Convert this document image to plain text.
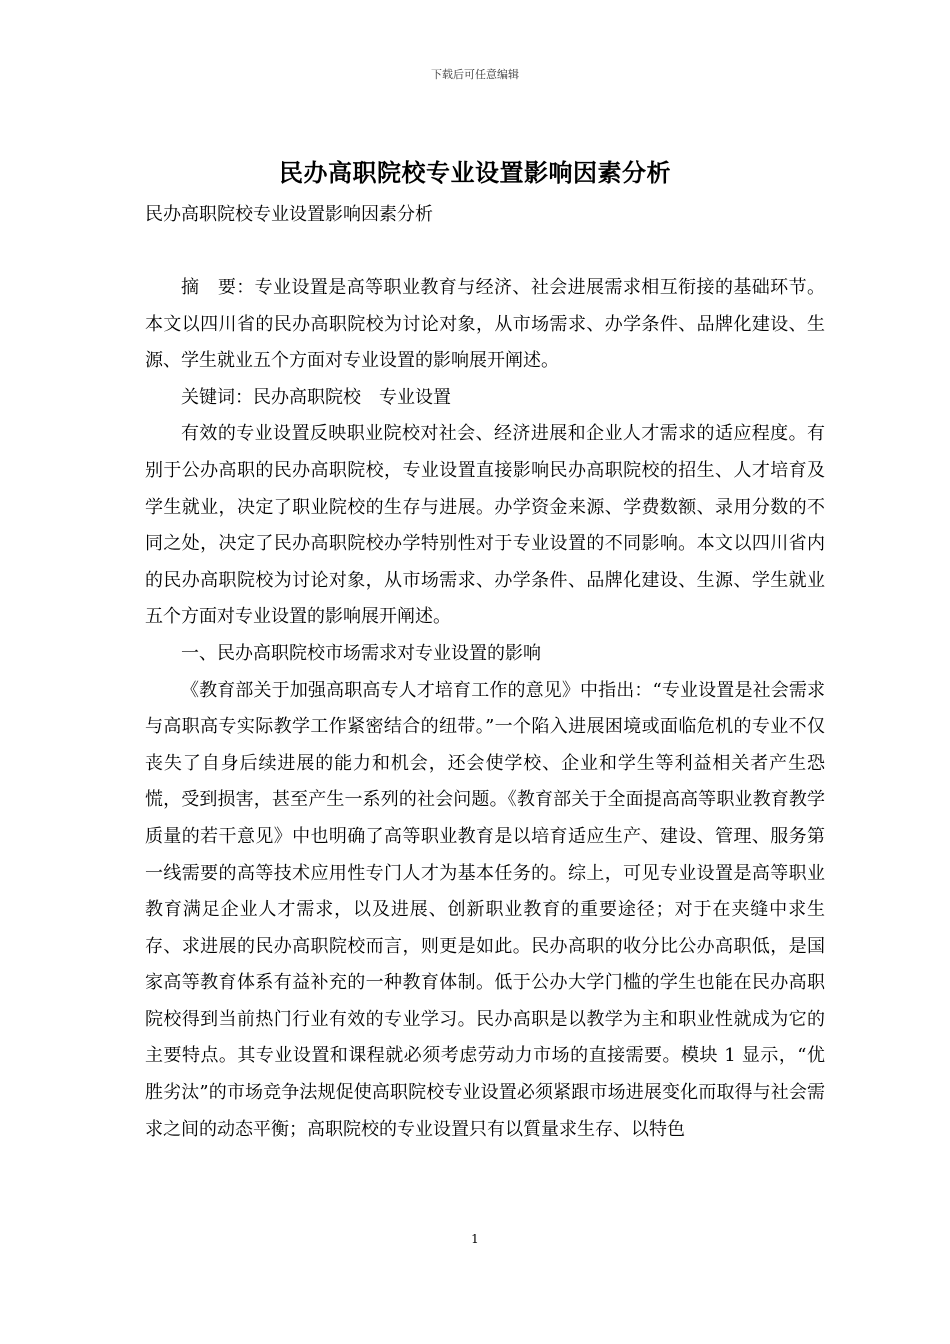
下载后可任意编辑
民办高职院校专业设置影响因素分析
民办高职院校专业设置影响因素分析

摘　要：专业设置是高等职业教育与经济、社会进展需求相互衔接的基础环节。本文以四川省的民办高职院校为讨论对象，从市场需求、办学条件、品牌化建设、生源、学生就业五个方面对专业设置的影响展开阐述。

关键词：民办高职院校　专业设置

有效的专业设置反映职业院校对社会、经济进展和企业人才需求的适应程度。有别于公办高职的民办高职院校，专业设置直接影响民办高职院校的招生、人才培育及学生就业，决定了职业院校的生存与进展。办学资金来源、学费数额、录用分数的不同之处，决定了民办高职院校办学特别性对于专业设置的不同影响。本文以四川省内的民办高职院校为讨论对象，从市场需求、办学条件、品牌化建设、生源、学生就业五个方面对专业设置的影响展开阐述。

一、民办高职院校市场需求对专业设置的影响

《教育部关于加强高职高专人才培育工作的意见》中指出：“专业设置是社会需求与高职高专实际教学工作紧密结合的纽带。”一个陷入进展困境或面临危机的专业不仅丧失了自身后续进展的能力和机会，还会使学校、企业和学生等利益相关者产生恐慌，受到损害，甚至产生一系列的社会问题。《教育部关于全面提高高等职业教育教学质量的若干意见》中也明确了高等职业教育是以培育适应生产、建设、管理、服务第一线需要的高等技术应用性专门人才为基本任务的。综上，可见专业设置是高等职业教育满足企业人才需求，以及进展、创新职业教育的重要途径；对于在夹缝中求生存、求进展的民办高职院校而言，则更是如此。民办高职的收分比公办高职低，是国家高等教育体系有益补充的一种教育体制。低于公办大学门槛的学生也能在民办高职院校得到当前热门行业有效的专业学习。民办高职是以教学为主和职业性就成为它的主要特点。其专业设置和课程就必须考虑劳动力市场的直接需要。模块 1 显示，“优胜劣汰”的市场竞争法规促使高职院校专业设置必须紧跟市场进展变化而取得与社会需求之间的动态平衡；高职院校的专业设置只有以質量求生存、以特色

1
